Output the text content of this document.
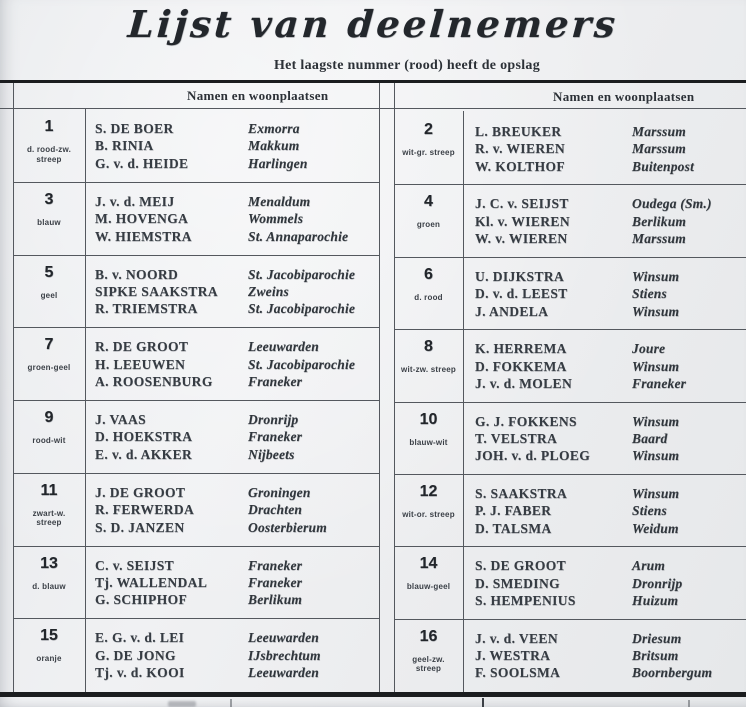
Lijst van deelnemers
Het laagste nummer (rood) heeft de opslag
Namen en woonplaatsen	Namen en woonplaatsen
1
d. rood-zw. streep
S. DE BOER
B. RINIA
G. v. d. HEIDE
Exmorra
Makkum
Harlingen
3
blauw
J. v. d. MEIJ
M. HOVENGA
W. HIEMSTRA
Menaldum
Wommels
St. Annaparochie
5
geel
B. v. NOORD
SIPKE SAAKSTRA
R. TRIEMSTRA
St. Jacobiparochie
Zweins
St. Jacobiparochie
7
groen-geel
R. DE GROOT
H. LEEUWEN
A. ROOSENBURG
Leeuwarden
St. Jacobiparochie
Franeker
9
rood-wit
J. VAAS
D. HOEKSTRA
E. v. d. AKKER
Dronrijp
Franeker
Nijbeets
11
zwart-w. streep
J. DE GROOT
R. FERWERDA
S. D. JANZEN
Groningen
Drachten
Oosterbierum
13
d. blauw
C. v. SEIJST
Tj. WALLENDAL
G. SCHIPHOF
Franeker
Franeker
Berlikum
15
oranje
E. G. v. d. LEI
G. DE JONG
Tj. v. d. KOOI
Leeuwarden
IJsbrechtum
Leeuwarden
2
wit-gr. streep
L. BREUKER
R. v. WIEREN
W. KOLTHOF
Marssum
Marssum
Buitenpost
4
groen
J. C. v. SEIJST
Kl. v. WIEREN
W. v. WIEREN
Oudega (Sm.)
Berlikum
Marssum
6
d. rood
U. DIJKSTRA
D. v. d. LEEST
J. ANDELA
Winsum
Stiens
Winsum
8
wit-zw. streep
K. HERREMA
D. FOKKEMA
J. v. d. MOLEN
Joure
Winsum
Franeker
10
blauw-wit
G. J. FOKKENS
T. VELSTRA
JOH. v. d. PLOEG
Winsum
Baard
Winsum
12
wit-or. streep
S. SAAKSTRA
P. J. FABER
D. TALSMA
Winsum
Stiens
Weidum
14
blauw-geel
S. DE GROOT
D. SMEDING
S. HEMPENIUS
Arum
Dronrijp
Huizum
16
geel-zw. streep
J. v. d. VEEN
J. WESTRA
F. SOOLSMA
Driesum
Britsum
Boornbergum
